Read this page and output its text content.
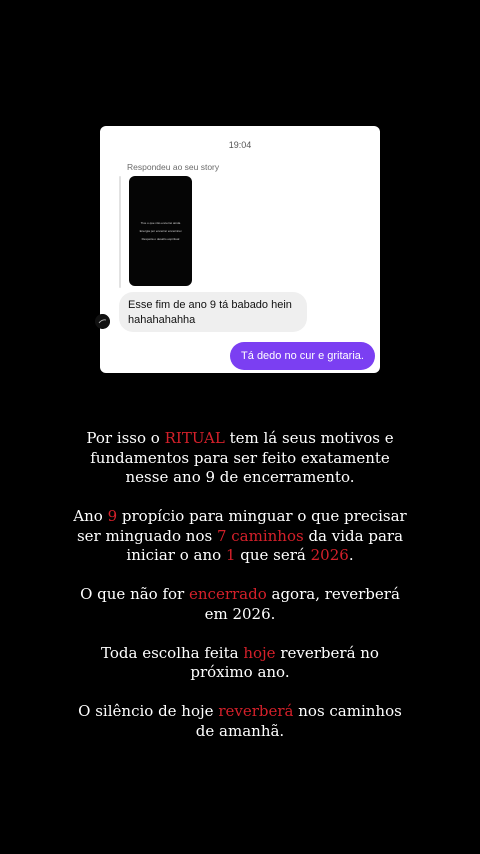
19:04
Respondeu ao seu story
Tive o que não encerrei ainda
Energia por encerrar encerrárei
Respeita o desafio espiritual
Esse fim de ano 9 tá babado hein hahahahahha
Tá dedo no cur e gritaria.

Por isso o RITUAL tem lá seus motivos e fundamentos para ser feito exatamente nesse ano 9 de encerramento.

Ano 9 propício para minguar o que precisar ser minguado nos 7 caminhos da vida para iniciar o ano 1 que será 2026.

O que não for encerrado agora, reverberá em 2026.

Toda escolha feita hoje reverberá no próximo ano.

O silêncio de hoje reverberá nos caminhos de amanhã.
